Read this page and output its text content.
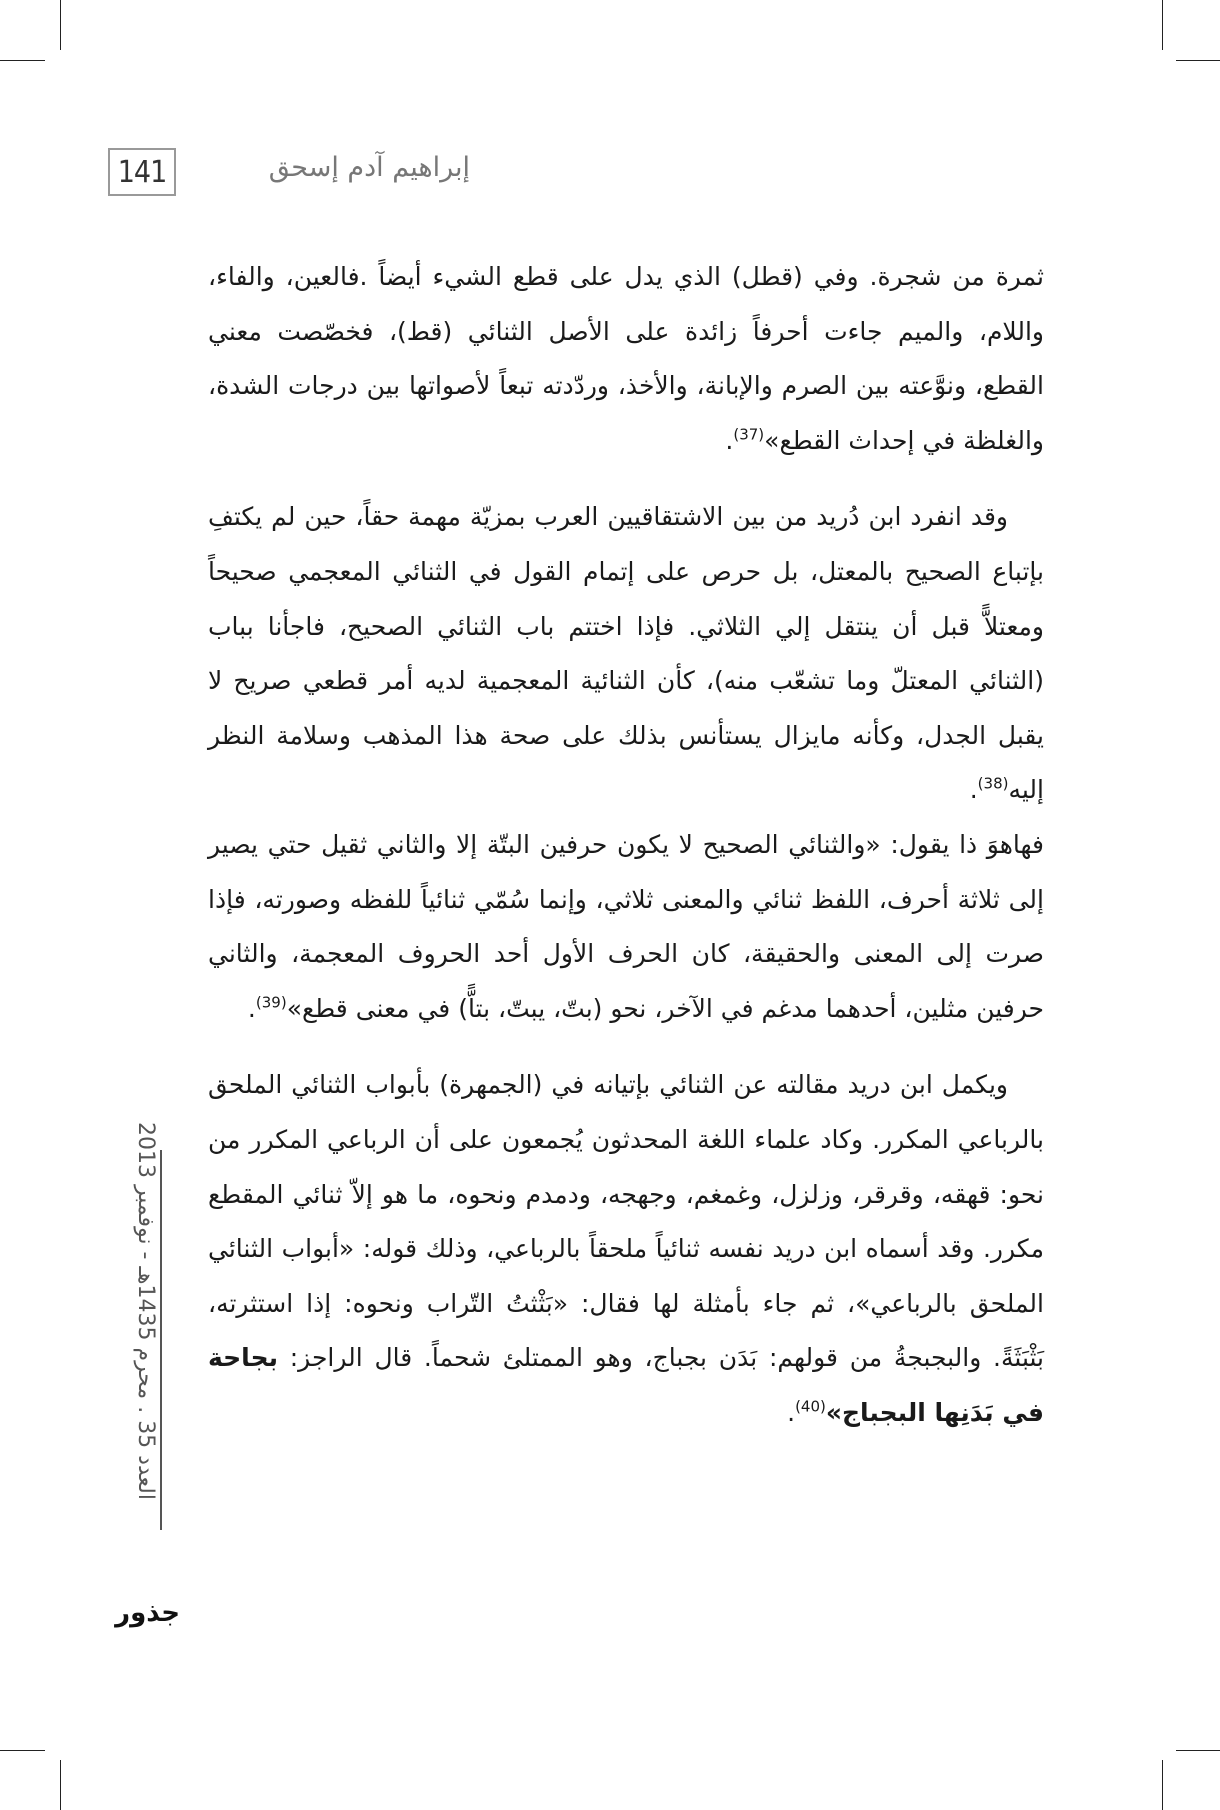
141	إبراهيم آدم إسحق

ثمرة من شجرة. وفي (قطل) الذي يدل على قطع الشيء أيضاً .فالعين، والفاء، واللام، والميم جاءت أحرفاً زائدة على الأصل الثنائي (قط)، فخصّصت معني القطع، ونوَّعته بين الصرم والإبانة، والأخذ، وردّدته تبعاً لأصواتها بين درجات الشدة، والغلظة في إحداث القطع»$^{(37)}$.

وقد انفرد ابن دُريد من بين الاشتقاقيين العرب بمزيّة مهمة حقاً، حين لم يكتفِ بإتباع الصحيح بالمعتل، بل حرص على إتمام القول في الثنائي المعجمي صحيحاً ومعتلاًّ قبل أن ينتقل إلي الثلاثي. فإذا اختتم باب الثنائي الصحيح، فاجأنا بباب (الثنائي المعتلّ وما تشعّب منه)، كأن الثنائية المعجمية لديه أمر قطعي صريح لا يقبل الجدل، وكأنه مايزال يستأنس بذلك على صحة هذا المذهب وسلامة النظر إليه$^{(38)}$.

فهاهوَ ذا يقول: «والثنائي الصحيح لا يكون حرفين البتّة إلا والثاني ثقيل حتي يصير إلى ثلاثة أحرف، اللفظ ثنائي والمعنى ثلاثي، وإنما سُمّي ثنائياً للفظه وصورته، فإذا صرت إلى المعنى والحقيقة، كان الحرف الأول أحد الحروف المعجمة، والثاني حرفين مثلين، أحدهما مدغم في الآخر، نحو (بتّ، يبتّ، بتاًّ) في معنى قطع»$^{(39)}$.

ويكمل ابن دريد مقالته عن الثنائي بإتيانه في (الجمهرة) بأبواب الثنائي الملحق بالرباعي المكرر. وكاد علماء اللغة المحدثون يُجمعون على أن الرباعي المكرر من نحو: قهقه، وقرقر، وزلزل، وغمغم، وجهجه، ودمدم ونحوه، ما هو إلاّ ثنائي المقطع مكرر. وقد أسماه ابن دريد نفسه ثنائياً ملحقاً بالرباعي، وذلك قوله: «أبواب الثنائي الملحق بالرباعي»، ثم جاء بأمثلة لها فقال: «بَثْثتُ التّراب ونحوه: إذا استثرته، بَثْبَثَةً. والبجبجةُ من قولهم: بَدَن بجباج، وهو الممتلئ شحماً. قال الراجز: بجاحة في بَدَنِها البجباج»$^{(40)}$.

العدد 35 . محرم 1435هـ - نوفمبر 2013
جذور
